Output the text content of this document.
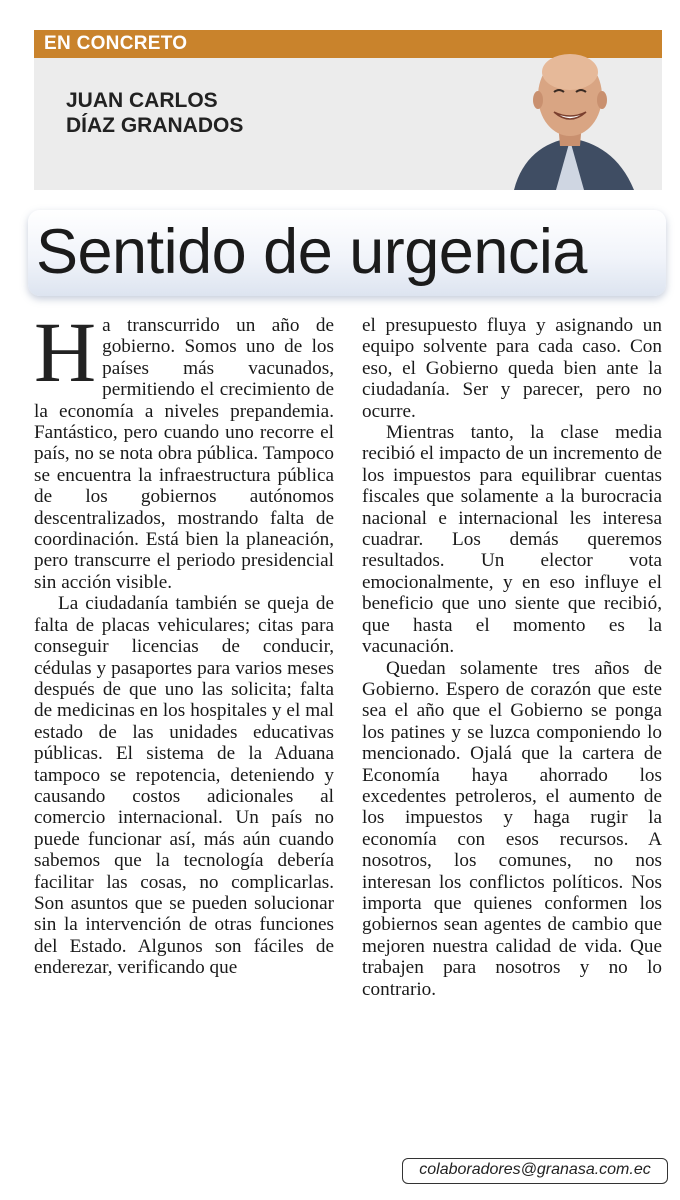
EN CONCRETO
JUAN CARLOS
DÍAZ GRANADOS
Sentido de urgencia

Ha transcurrido un año de gobierno. Somos uno de los países más vacunados, permitiendo el crecimiento de la economía a niveles prepandemia. Fantástico, pero cuando uno recorre el país, no se nota obra pública. Tampoco se encuentra la infraestructura pública de los gobiernos autónomos descentralizados, mostrando falta de coordinación. Está bien la planeación, pero transcurre el periodo presidencial sin acción visible.

La ciudadanía también se queja de falta de placas vehiculares; citas para conseguir licencias de conducir, cédulas y pasaportes para varios meses después de que uno las solicita; falta de medicinas en los hospitales y el mal estado de las unidades educativas públicas. El sistema de la Aduana tampoco se repotencia, deteniendo y causando costos adicionales al comercio internacional. Un país no puede funcionar así, más aún cuando sabemos que la tecnología debería facilitar las cosas, no complicarlas. Son asuntos que se pueden solucionar sin la intervención de otras funciones del Estado. Algunos son fáciles de enderezar, verificando que

el presupuesto fluya y asignando un equipo solvente para cada caso. Con eso, el Gobierno queda bien ante la ciudadanía. Ser y parecer, pero no ocurre.

Mientras tanto, la clase media recibió el impacto de un incremento de los impuestos para equilibrar cuentas fiscales que solamente a la burocracia nacional e internacional les interesa cuadrar. Los demás queremos resultados. Un elector vota emocionalmente, y en eso influye el beneficio que uno siente que recibió, que hasta el momento es la vacunación.

Quedan solamente tres años de Gobierno. Espero de corazón que este sea el año que el Gobierno se ponga los patines y se luzca componiendo lo mencionado. Ojalá que la cartera de Economía haya ahorrado los excedentes petroleros, el aumento de los impuestos y haga rugir la economía con esos recursos. A nosotros, los comunes, no nos interesan los conflictos políticos. Nos importa que quienes conformen los gobiernos sean agentes de cambio que mejoren nuestra calidad de vida. Que trabajen para nosotros y no lo contrario.

colaboradores@granasa.com.ec
